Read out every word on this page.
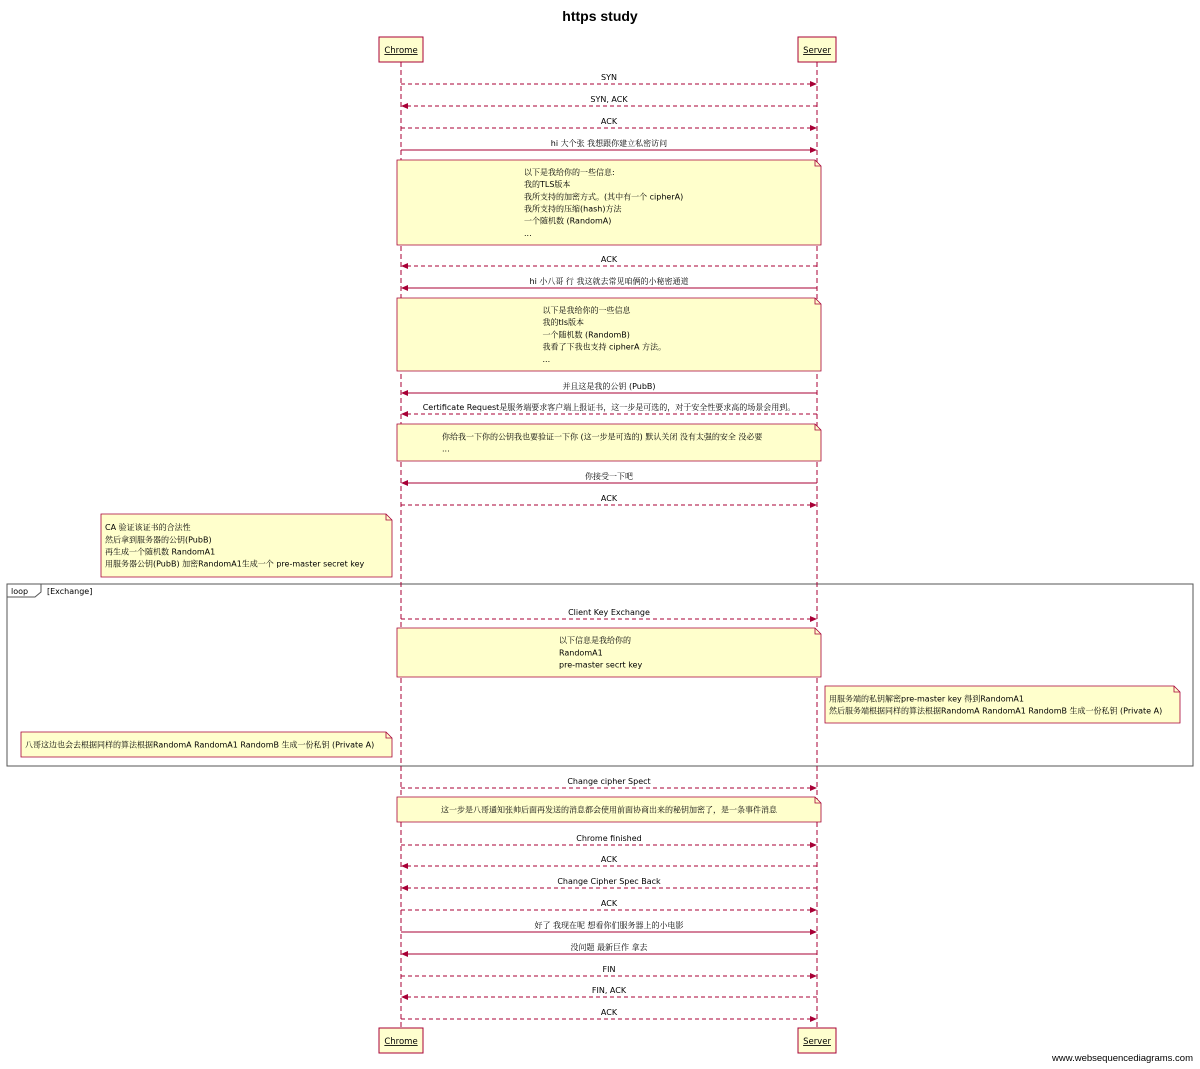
https study
loop [Exchange]
SYN
SYN, ACK
ACK
hi 大个张 我想跟你建立私密访问
以下是我给你的一些信息:
我的TLS版本
我所支持的加密方式。(其中有一个 cipherA)
我所支持的压缩(hash)方法
一个随机数 (RandomA)
...
ACK
hi 小八哥 行 我这就去常见咱俩的小秘密通道
以下是我给你的一些信息
我的tls版本
一个随机数 (RandomB)
我看了下我也支持 cipherA 方法。
...
并且这是我的公钥 (PubB)
Certificate Request是服务端要求客户端上报证书，这一步是可选的，对于安全性要求高的场景会用到。
你给我一下你的公钥我也要验证一下你 (这一步是可选的) 默认关闭 没有太强的安全 没必要
...
你接受一下吧
ACK
CA 验证该证书的合法性
然后拿到服务器的公钥(PubB)
再生成一个随机数 RandomA1
用服务器公钥(PubB) 加密RandomA1生成一个 pre-master secret key
Client Key Exchange
以下信息是我给你的
RandomA1
pre-master secrt key
用服务端的私钥解密pre-master key 得到RandomA1
然后服务端根据同样的算法根据RandomA RandomA1 RandomB 生成一份私钥 (Private A)
八哥这边也会去根据同样的算法根据RandomA RandomA1 RandomB 生成一份私钥 (Private A)
Change cipher Spect
这一步是八哥通知张帅后面再发送的消息都会使用前面协商出来的秘钥加密了，是一条事件消息
Chrome finished
ACK
Change Cipher Spec Back
ACK
好了 我现在呢 想看你们服务器上的小电影
没问题 最新巨作 拿去
FIN
FIN, ACK
ACK
Chrome
Chrome
Server
Server
www.websequencediagrams.com
